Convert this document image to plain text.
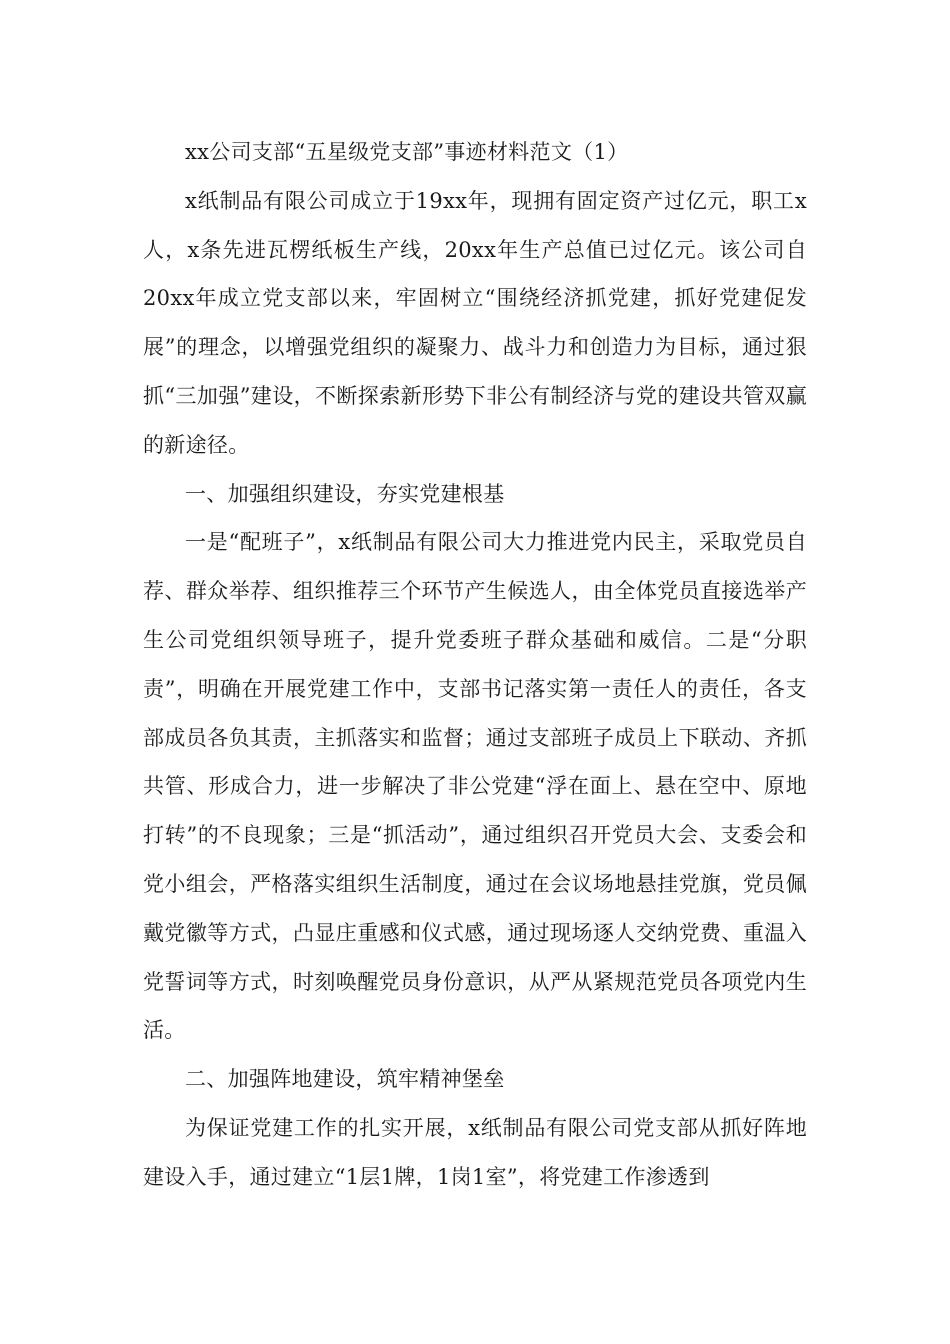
xx公司支部“五星级党支部”事迹材料范文（1）

x纸制品有限公司成立于19xx年，现拥有固定资产过亿元，职工x人，x条先进瓦楞纸板生产线，20xx年生产总值已过亿元。该公司自20xx年成立党支部以来，牢固树立“围绕经济抓党建，抓好党建促发展”的理念，以增强党组织的凝聚力、战斗力和创造力为目标，通过狠抓“三加强”建设，不断探索新形势下非公有制经济与党的建设共管双赢的新途径。

一、加强组织建设，夯实党建根基

一是“配班子”，x纸制品有限公司大力推进党内民主，采取党员自荐、群众举荐、组织推荐三个环节产生候选人，由全体党员直接选举产生公司党组织领导班子，提升党委班子群众基础和威信。二是“分职责”，明确在开展党建工作中，支部书记落实第一责任人的责任，各支部成员各负其责，主抓落实和监督；通过支部班子成员上下联动、齐抓共管、形成合力，进一步解决了非公党建“浮在面上、悬在空中、原地打转”的不良现象；三是“抓活动”，通过组织召开党员大会、支委会和党小组会，严格落实组织生活制度，通过在会议场地悬挂党旗，党员佩戴党徽等方式，凸显庄重感和仪式感，通过现场逐人交纳党费、重温入党誓词等方式，时刻唤醒党员身份意识，从严从紧规范党员各项党内生活。

二、加强阵地建设，筑牢精神堡垒

为保证党建工作的扎实开展，x纸制品有限公司党支部从抓好阵地建设入手，通过建立“1层1牌，1岗1室”，将党建工作渗透到
